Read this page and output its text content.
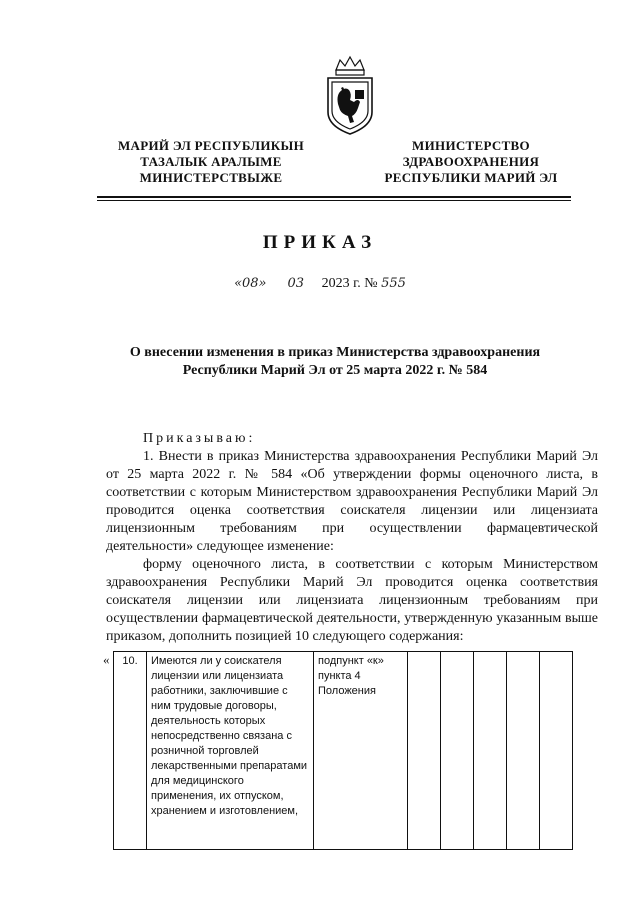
МАРИЙ ЭЛ РЕСПУБЛИКЫН
ТАЗАЛЫК АРАЛЫМЕ
МИНИСТЕРСТВЫЖЕ
МИНИСТЕРСТВО
ЗДРАВООХРАНЕНИЯ
РЕСПУБЛИКИ МАРИЙ ЭЛ
ПРИКАЗ
«08» 03 2023 г. № 555
О внесении изменения в приказ Министерства здравоохранения Республики Марий Эл от 25 марта 2022 г. № 584

Приказываю:

1. Внести в приказ Министерства здравоохранения Республики Марий Эл от 25 марта 2022 г. № 584 «Об утверждении формы оценочного листа, в соответствии с которым Министерством здравоохранения Республики Марий Эл проводится оценка соответствия соискателя лицензии или лицензиата лицензионным требованиям при осуществлении фармацевтической деятельности» следующее изменение:

форму оценочного листа, в соответствии с которым Министерством здравоохранения Республики Марий Эл проводится оценка соответствия соискателя лицензии или лицензиата лицензионным требованиям при осуществлении фармацевтической деятельности, утвержденную указанным выше приказом, дополнить позицией 10 следующего содержания:

«	10.	Имеются ли у соискателя лицензии или лицензиата работники, заключившие с ним трудовые договоры, деятельность которых непосредственно связана с розничной торговлей лекарственными препаратами для медицинского применения, их отпуском, хранением и изготовлением,	подпункт «к» пункта 4 Положения					
